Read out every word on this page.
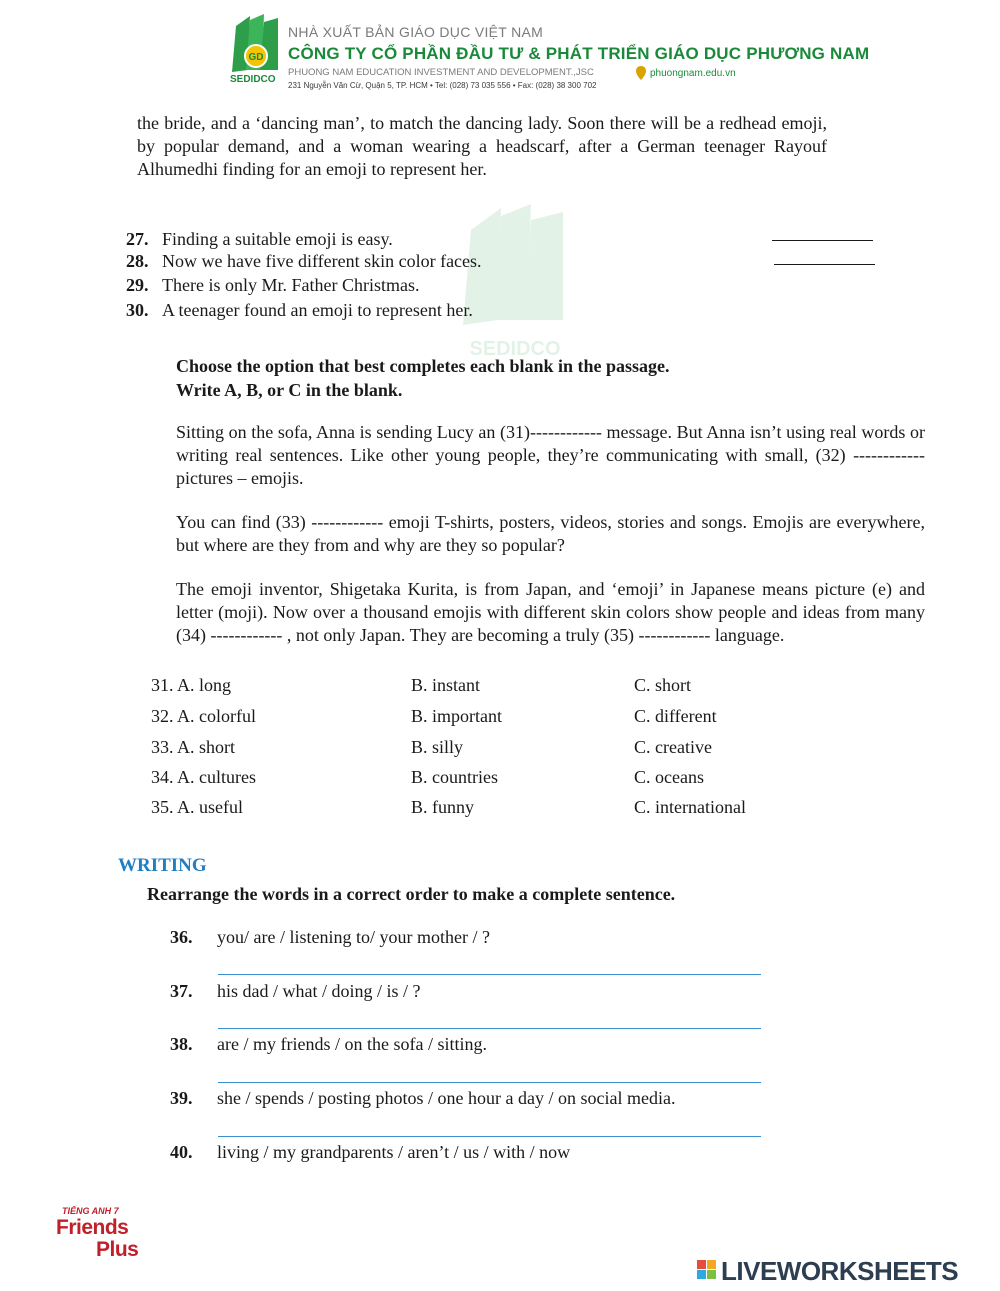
GD
SEDIDCO
NHÀ XUẤT BẢN GIÁO DỤC VIỆT NAM
CÔNG TY CỔ PHẦN ĐẦU TƯ & PHÁT TRIỂN GIÁO DỤC PHƯƠNG NAM
PHUONG NAM EDUCATION INVESTMENT AND DEVELOPMENT.,JSC
231 Nguyễn Văn Cừ, Quận 5, TP. HCM • Tel: (028) 73 035 556 • Fax: (028) 38 300 702
phuongnam.edu.vn
SEDIDCO
the bride, and a ‘dancing man’, to match the dancing lady. Soon there will be a redhead emoji, by popular demand, and a woman wearing a headscarf, after a German teenager Rayouf Alhumedhi finding for an emoji to represent her.
27. Finding a suitable emoji is easy.
28. Now we have five different skin color faces.
29. There is only Mr. Father Christmas.
30. A teenager found an emoji to represent her.
Choose the option that best completes each blank in the passage.
Write A, B, or C in the blank.
Sitting on the sofa, Anna is sending Lucy an (31)------------ message. But Anna isn’t using real words or writing real sentences. Like other young people, they’re communicating with small, (32) ------------ pictures – emojis.
You can find (33) ------------ emoji T-shirts, posters, videos, stories and songs. Emojis are everywhere, but where are they from and why are they so popular?
The emoji inventor, Shigetaka Kurita, is from Japan, and ‘emoji’ in Japanese means picture (e) and letter (moji). Now over a thousand emojis with different skin colors show people and ideas from many (34) ------------ , not only Japan. They are becoming a truly (35) ------------ language.
31. A. long	B. instant	C. short
32. A. colorful	B. important	C. different
33. A. short	B. silly	C. creative
34. A. cultures	B. countries	C. oceans
35. A. useful	B. funny	C. international
WRITING
Rearrange the words in a correct order to make a complete sentence.
36. you/ are / listening to/ your mother / ?
37. his dad / what / doing / is / ?
38. are / my friends / on the sofa / sitting.
39. she / spends / posting photos / one hour a day / on social media.
40. living / my grandparents / aren’t / us / with / now
TIẾNG ANH 7
Friends
Plus
LIVEWORKSHEETS
